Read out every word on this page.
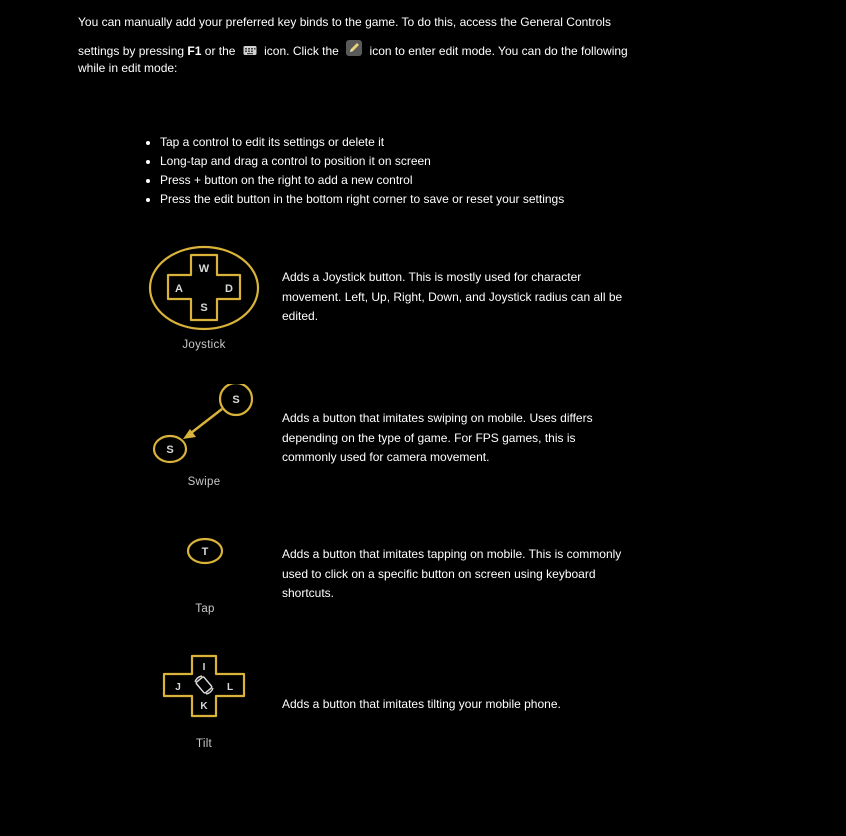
You can manually add your preferred key binds to the game. To do this, access the General Controls
settings by pressing F1 or the icon. Click the	icon to enter edit mode. You can do the following
while in edit mode:
Tap a control to edit its settings or delete it
Long-tap and drag a control to position it on screen
Press + button on the right to add a new control
Press the edit button in the bottom right corner to save or reset your settings
W
A	D
S
Joystick
Adds a Joystick button. This is mostly used for character movement. Left, Up, Right, Down, and Joystick radius can all be edited.
S
S
Swipe
Adds a button that imitates swiping on mobile. Uses differs depending on the type of game. For FPS games, this is commonly used for camera movement.
T
Tap
Adds a button that imitates tapping on mobile. This is commonly used to click on a specific button on screen using keyboard shortcuts.
I
J	L
K
Tilt
Adds a button that imitates tilting your mobile phone.
